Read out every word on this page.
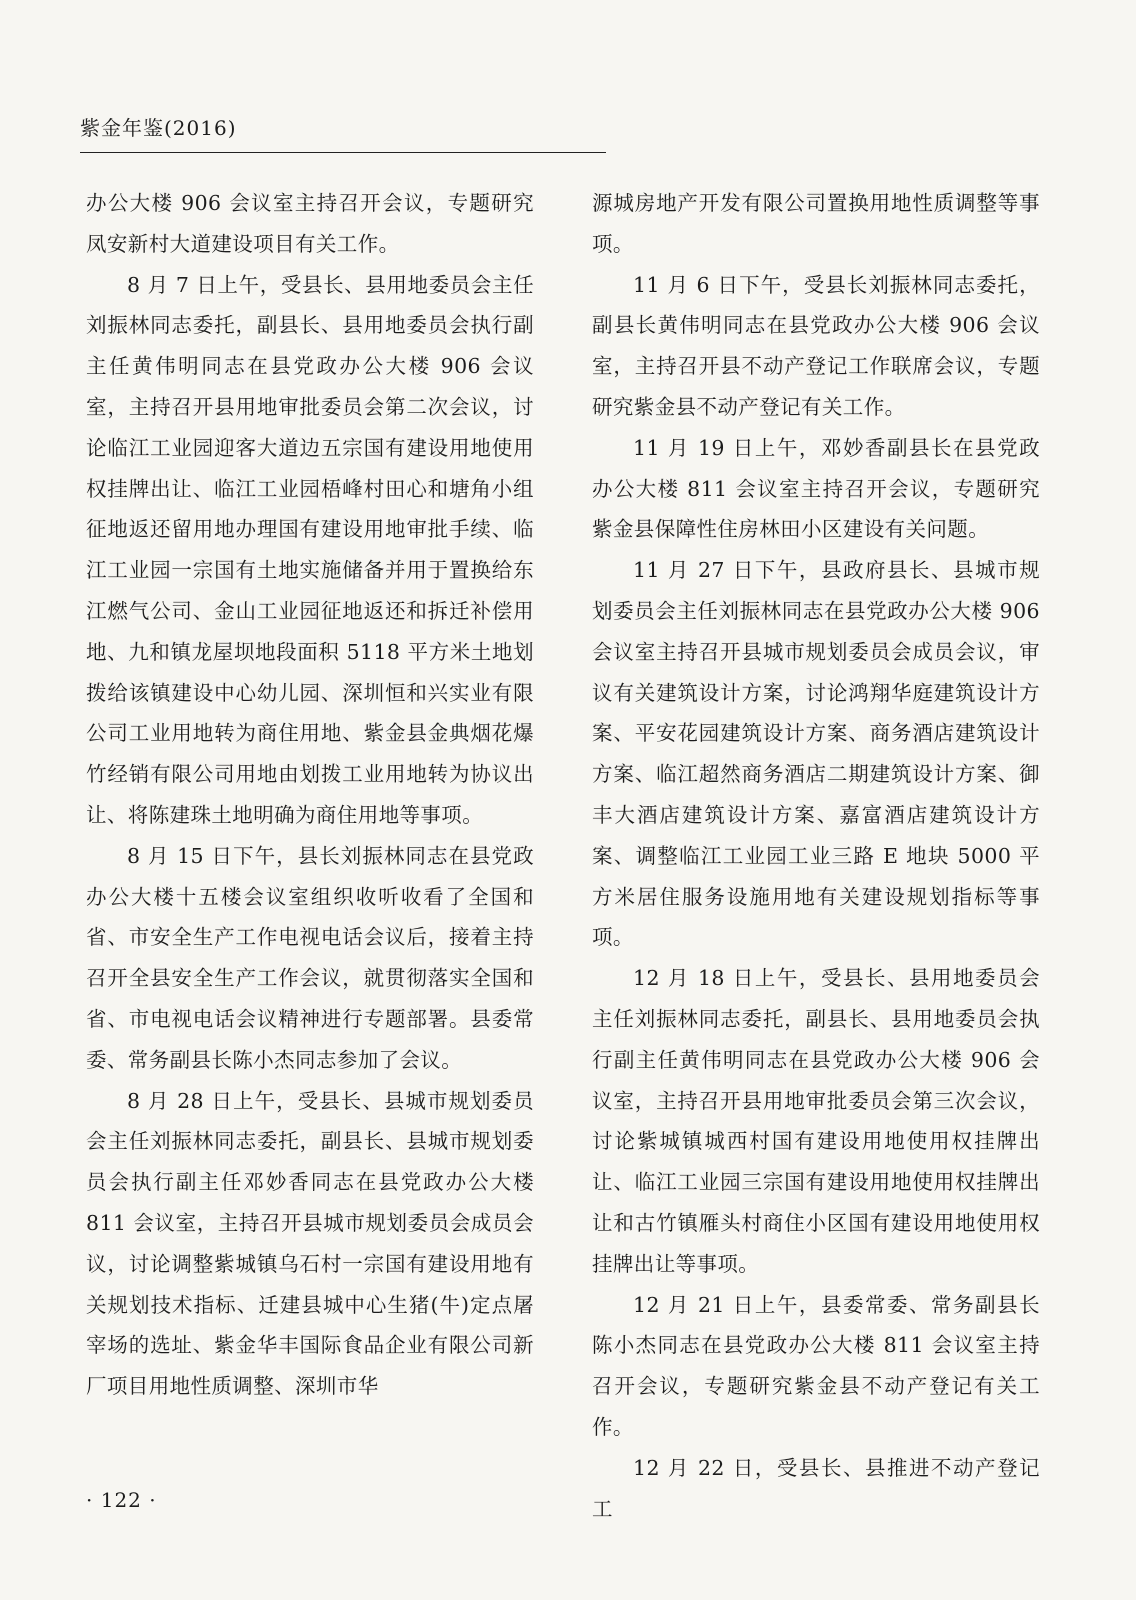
紫金年鉴(2016)

办公大楼 906 会议室主持召开会议，专题研究凤安新村大道建设项目有关工作。

8 月 7 日上午，受县长、县用地委员会主任刘振林同志委托，副县长、县用地委员会执行副主任黄伟明同志在县党政办公大楼 906 会议室，主持召开县用地审批委员会第二次会议，讨论临江工业园迎客大道边五宗国有建设用地使用权挂牌出让、临江工业园梧峰村田心和塘角小组征地返还留用地办理国有建设用地审批手续、临江工业园一宗国有土地实施储备并用于置换给东江燃气公司、金山工业园征地返还和拆迁补偿用地、九和镇龙屋坝地段面积 5118 平方米土地划拨给该镇建设中心幼儿园、深圳恒和兴实业有限公司工业用地转为商住用地、紫金县金典烟花爆竹经销有限公司用地由划拨工业用地转为协议出让、将陈建珠土地明确为商住用地等事项。

8 月 15 日下午，县长刘振林同志在县党政办公大楼十五楼会议室组织收听收看了全国和省、市安全生产工作电视电话会议后，接着主持召开全县安全生产工作会议，就贯彻落实全国和省、市电视电话会议精神进行专题部署。县委常委、常务副县长陈小杰同志参加了会议。

8 月 28 日上午，受县长、县城市规划委员会主任刘振林同志委托，副县长、县城市规划委员会执行副主任邓妙香同志在县党政办公大楼 811 会议室，主持召开县城市规划委员会成员会议，讨论调整紫城镇乌石村一宗国有建设用地有关规划技术指标、迁建县城中心生猪(牛)定点屠宰场的选址、紫金华丰国际食品企业有限公司新厂项目用地性质调整、深圳市华

源城房地产开发有限公司置换用地性质调整等事项。

11 月 6 日下午，受县长刘振林同志委托，副县长黄伟明同志在县党政办公大楼 906 会议室，主持召开县不动产登记工作联席会议，专题研究紫金县不动产登记有关工作。

11 月 19 日上午，邓妙香副县长在县党政办公大楼 811 会议室主持召开会议，专题研究紫金县保障性住房林田小区建设有关问题。

11 月 27 日下午，县政府县长、县城市规划委员会主任刘振林同志在县党政办公大楼 906 会议室主持召开县城市规划委员会成员会议，审议有关建筑设计方案，讨论鸿翔华庭建筑设计方案、平安花园建筑设计方案、商务酒店建筑设计方案、临江超然商务酒店二期建筑设计方案、御丰大酒店建筑设计方案、嘉富酒店建筑设计方案、调整临江工业园工业三路 E 地块 5000 平方米居住服务设施用地有关建设规划指标等事项。

12 月 18 日上午，受县长、县用地委员会主任刘振林同志委托，副县长、县用地委员会执行副主任黄伟明同志在县党政办公大楼 906 会议室，主持召开县用地审批委员会第三次会议，讨论紫城镇城西村国有建设用地使用权挂牌出让、临江工业园三宗国有建设用地使用权挂牌出让和古竹镇雁头村商住小区国有建设用地使用权挂牌出让等事项。

12 月 21 日上午，县委常委、常务副县长陈小杰同志在县党政办公大楼 811 会议室主持召开会议，专题研究紫金县不动产登记有关工作。

12 月 22 日，受县长、县推进不动产登记工

· 122 ·
